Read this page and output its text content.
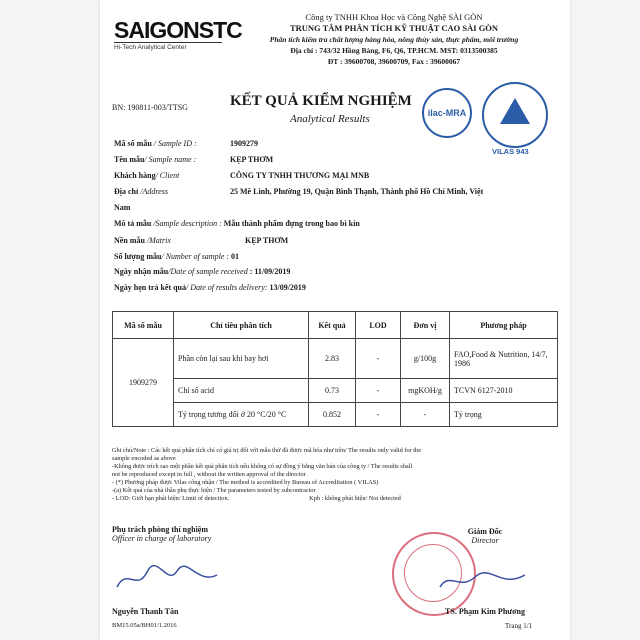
SAIGONSTC
Hi-Tech Analytical Center
Công ty TNHH Khoa Học và Công Nghệ SÀI GÒN
TRUNG TÂM PHÂN TÍCH KỸ THUẬT CAO SÀI GÒN
Phân tích kiểm tra chất lượng hàng hóa, nông thủy sản, thực phẩm, môi trường
Địa chỉ : 743/32 Hồng Bàng, F6, Q6, TP.HCM. MST: 0313500385
ĐT : 39600708, 39600709, Fax : 39600067
BN: 190811-003/TTSG	KẾT QUẢ KIỂM NGHIỆM
Analytical Results	ilac-MRA
VILAS 943
Mã số mẫu / Sample ID :	1909279
Tên mẫu/ Sample name :	KẸP THƠM
Khách hàng/ Client	CÔNG TY TNHH THƯƠNG MẠI MNB
Địa chỉ /Address	25 Mê Linh, Phường 19, Quận Bình Thạnh, Thành phố Hồ Chí Minh, Việt
Nam
Mô tả mẫu /Sample description : Mẫu thành phẩm đựng trong bao bì kín
Nền mẫu /Matrix	KẸP THƠM
Số lượng mẫu/ Number of sample : 01
Ngày nhận mẫu/Date of sample received : 11/09/2019
Ngày hẹn trả kết quả/ Date of results delivery: 13/09/2019
Mã số mẫu	Chỉ tiêu phân tích	Kết quả	LOD	Đơn vị	Phương pháp
1909279	Phần còn lại sau khi bay hơi	2.83	-	g/100g	FAO,Food & Nutrition, 14/7, 1986
	Chỉ số acid	0.73	-	mgKOH/g	TCVN 6127-2010
	Tỷ trọng tương đối ở 20 °C/20 °C	0.852	-	-	Tỷ trọng
Ghi chú/Note : Các kết quả phân tích chỉ có giá trị đối với mẫu thử đã được mã hóa như trên/ The results only valid for the
sample encoded as above
-Không được trích sao một phần kết quả phân tích nếu không có sự đồng ý bằng văn bản của công ty / The results shall
not be reproduced except in full , without the written approval of the director
- (*) Phương pháp được Vilas công nhận / The method is accredited by Bureau of Accreditation ( VILAS)
-(a) Kết quả của nhà thầu phụ thực hiện / The parameters tested by subcontractor
- LOD: Giới hạn phát hiện/ Limit of detection.	Kph : không phát hiện/ Not detected
Phụ trách phòng thí nghiệm
Officer in charge of laboratory
Nguyễn Thanh Tân
Giám Đốc
Director
TS. Phạm Kim Phương
BM15.05a/BH01/1.2016	Trang 1/1
